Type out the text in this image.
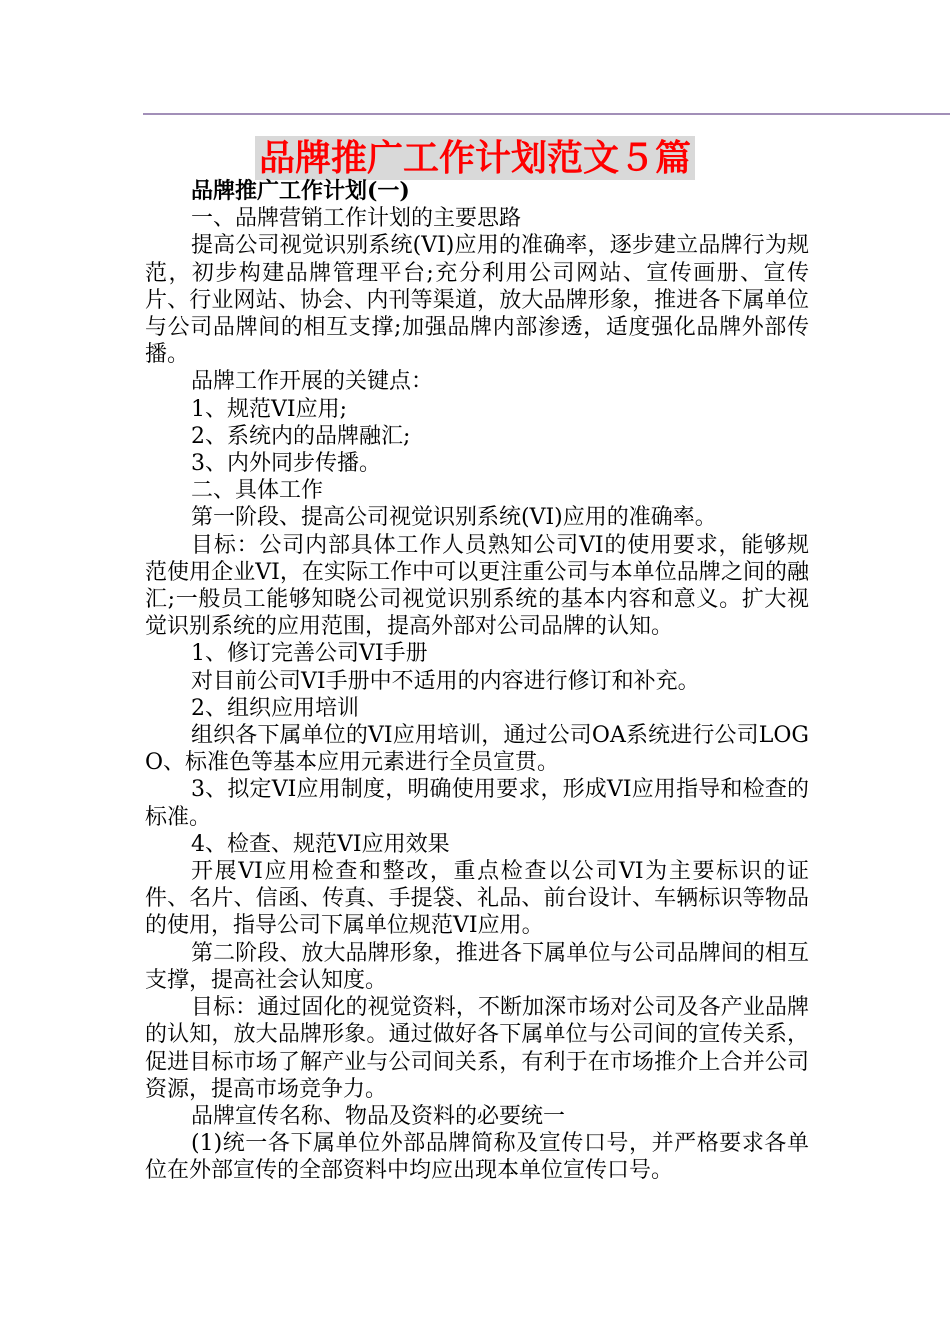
品牌推广工作计划范文５篇

品牌推广工作计划(一)

一、品牌营销工作计划的主要思路

提高公司视觉识别系统(VI)应用的准确率，逐步建立品牌行为规范，初步构建品牌管理平台;充分利用公司网站、宣传画册、宣传片、行业网站、协会、内刊等渠道，放大品牌形象，推进各下属单位与公司品牌间的相互支撑;加强品牌内部渗透，适度强化品牌外部传播。

品牌工作开展的关键点：

1、规范VI应用;

2、系统内的品牌融汇;

3、内外同步传播。

二、具体工作

第一阶段、提高公司视觉识别系统(VI)应用的准确率。

目标：公司内部具体工作人员熟知公司VI的使用要求，能够规范使用企业VI，在实际工作中可以更注重公司与本单位品牌之间的融汇;一般员工能够知晓公司视觉识别系统的基本内容和意义。扩大视觉识别系统的应用范围，提高外部对公司品牌的认知。

1、修订完善公司VI手册

对目前公司VI手册中不适用的内容进行修订和补充。

2、组织应用培训

组织各下属单位的VI应用培训，通过公司OA系统进行公司LOGO、标准色等基本应用元素进行全员宣贯。

3、拟定VI应用制度，明确使用要求，形成VI应用指导和检查的标准。

4、检查、规范VI应用效果

开展VI应用检查和整改，重点检查以公司VI为主要标识的证件、名片、信函、传真、手提袋、礼品、前台设计、车辆标识等物品的使用，指导公司下属单位规范VI应用。

第二阶段、放大品牌形象，推进各下属单位与公司品牌间的相互支撑，提高社会认知度。

目标：通过固化的视觉资料，不断加深市场对公司及各产业品牌的认知，放大品牌形象。通过做好各下属单位与公司间的宣传关系，促进目标市场了解产业与公司间关系，有利于在市场推介上合并公司资源，提高市场竞争力。

品牌宣传名称、物品及资料的必要统一

(1)统一各下属单位外部品牌简称及宣传口号，并严格要求各单位在外部宣传的全部资料中均应出现本单位宣传口号。
